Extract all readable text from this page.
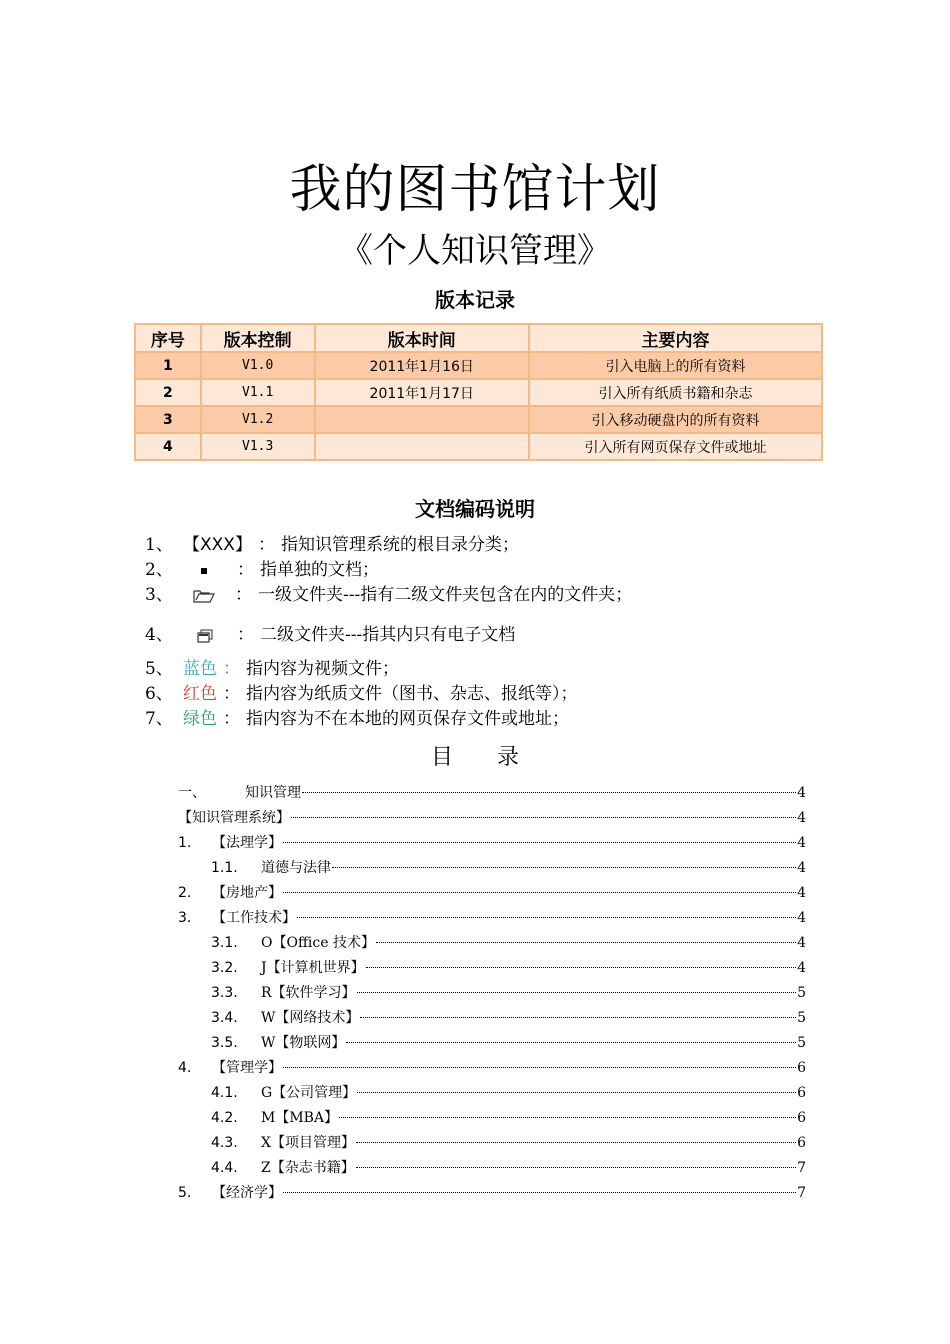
我的图书馆计划
《个人知识管理》
版本记录
序号	版本控制	版本时间	主要内容
1	V1.0	2011年1月16日	引入电脑上的所有资料
2	V1.1	2011年1月17日	引入所有纸质书籍和杂志
3	V1.2		引入移动硬盘内的所有资料
4	V1.3		引入所有网页保存文件或地址
文档编码说明
1、 【XXX】 ： 指知识管理系统的根目录分类；
2、	： 指单独的文档；
3、	： 一级文件夹---指有二级文件夹包含在内的文件夹；
4、	： 二级文件夹---指其内只有电子文档
5、 蓝色 ： 指内容为视频文件；
6、 红色 ： 指内容为纸质文件（图书、杂志、报纸等）；
7、 绿色 ： 指内容为不在本地的网页保存文件或地址；
目录
一、	知识管理	4
【知识管理系统】	4
1.	【法理学】	4
1.1.	道德与法律	4
2.	【房地产】	4
3.	【工作技术】	4
3.1.	O【Office 技术】	4
3.2.	J【计算机世界】	4
3.3.	R【软件学习】	5
3.4.	W【网络技术】	5
3.5.	W【物联网】	5
4.	【管理学】	6
4.1.	G【公司管理】	6
4.2.	M【MBA】	6
4.3.	X【项目管理】	6
4.4.	Z【杂志书籍】	7
5.	【经济学】	7
